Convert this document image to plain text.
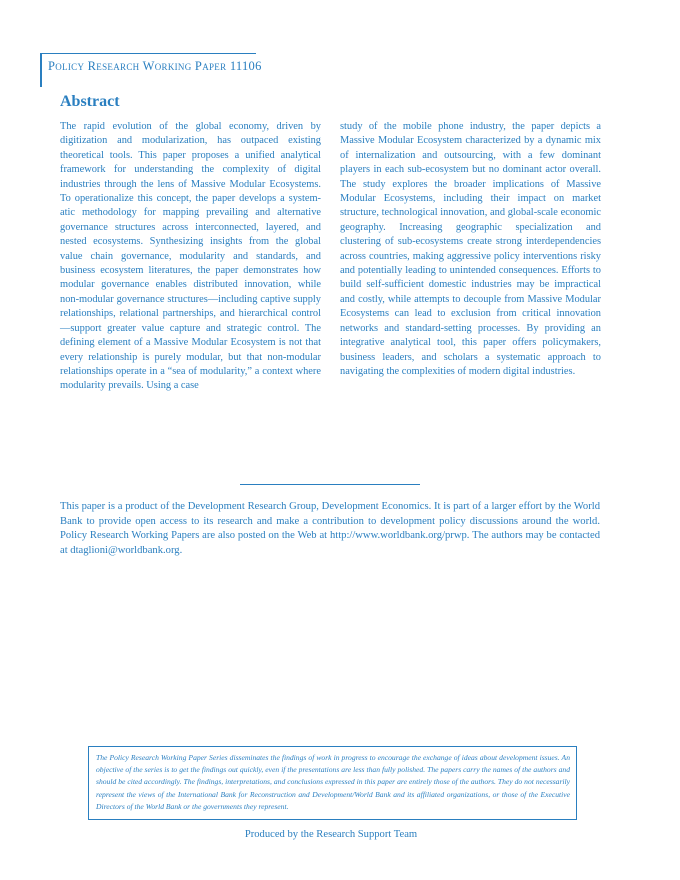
Policy Research Working Paper 11106
Abstract
The rapid evolution of the global economy, driven by digitization and modularization, has outpaced existing theoretical tools. This paper proposes a unified analytical framework for understanding the complexity of digital industries through the lens of Massive Modular Ecosystems. To operationalize this concept, the paper develops a systematic methodology for mapping prevailing and alternative governance structures across interconnected, layered, and nested ecosystems. Synthesizing insights from the global value chain governance, modularity and standards, and business ecosystem literatures, the paper demonstrates how modular governance enables distributed innovation, while non-modular governance structures—including captive supply relationships, relational partnerships, and hierarchical control—support greater value capture and strategic control. The defining element of a Massive Modular Ecosystem is not that every relationship is purely modular, but that non-modular relationships operate in a “sea of modularity,” a context where modularity prevails. Using a case
study of the mobile phone industry, the paper depicts a Massive Modular Ecosystem characterized by a dynamic mix of internalization and outsourcing, with a few dominant players in each sub-ecosystem but no dominant actor overall. The study explores the broader implications of Massive Modular Ecosystems, including their impact on market structure, technological innovation, and global-scale economic geography. Increasing geographic specialization and clustering of sub-ecosystems create strong interdependencies across countries, making aggressive policy interventions risky and potentially leading to unintended consequences. Efforts to build self-sufficient domestic industries may be impractical and costly, while attempts to decouple from Massive Modular Ecosystems can lead to exclusion from critical innovation networks and standard-setting processes. By providing an integrative analytical tool, this paper offers policymakers, business leaders, and scholars a systematic approach to navigating the complexities of modern digital industries.
This paper is a product of the Development Research Group, Development Economics. It is part of a larger effort by the World Bank to provide open access to its research and make a contribution to development policy discussions around the world. Policy Research Working Papers are also posted on the Web at http://www.worldbank.org/prwp. The authors may be contacted at dtaglioni@worldbank.org.

The Policy Research Working Paper Series disseminates the findings of work in progress to encourage the exchange of ideas about development issues. An objective of the series is to get the findings out quickly, even if the presentations are less than fully polished. The papers carry the names of the authors and should be cited accordingly. The findings, interpretations, and conclusions expressed in this paper are entirely those of the authors. They do not necessarily represent the views of the International Bank for Reconstruction and Development/World Bank and its affiliated organizations, or those of the Executive Directors of the World Bank or the governments they represent.

Produced by the Research Support Team
